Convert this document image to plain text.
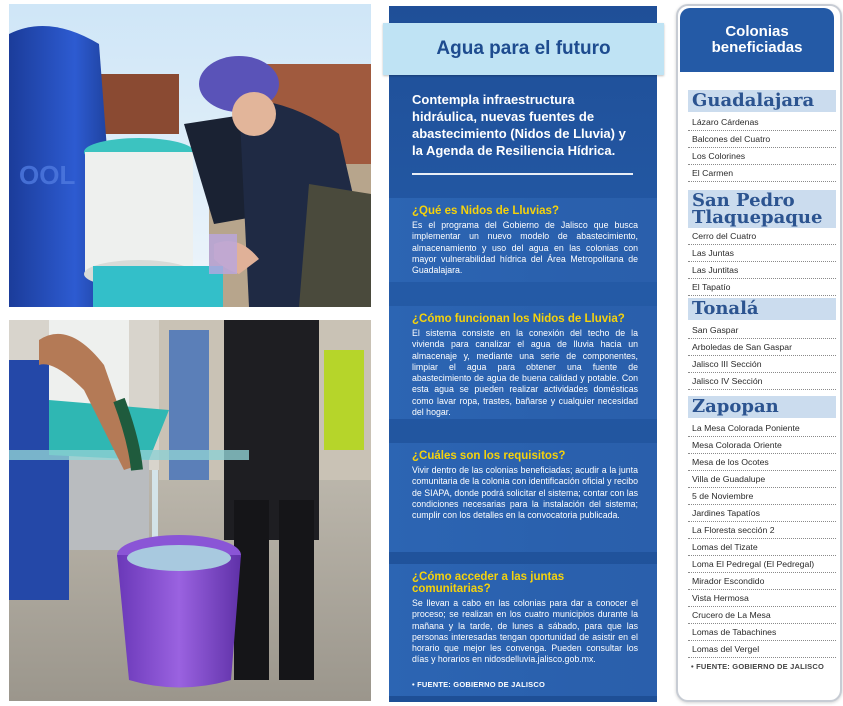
OOL
Agua para el futuro
Contempla infraestructura hidráulica, nuevas fuentes de abastecimiento (Nidos de Lluvia) y la Agenda de Resiliencia Hídrica.
¿Qué es Nidos de Lluvias?
Es el programa del Gobierno de Jalisco que busca implementar un nuevo modelo de abastecimiento, almacenamiento y uso del agua en las colonias con mayor vulnerabilidad hídrica del Área Metropolitana de Guadalajara.
¿Cómo funcionan los Nidos de Lluvia?
El sistema consiste en la conexión del techo de la vivienda para canalizar el agua de lluvia hacia un almacenaje y, mediante una serie de componentes, limpiar el agua para obtener una fuente de abastecimiento de agua de buena calidad y potable. Con esta agua se pueden realizar actividades domésticas como lavar ropa, trastes, bañarse y cualquier necesidad del hogar.
¿Cuáles son los requisitos?
Vivir dentro de las colonias beneficiadas; acudir a la junta comunitaria de la colonia con identificación oficial y recibo de SIAPA, donde podrá solicitar el sistema; contar con las condiciones necesarias para la instalación del sistema; cumplir con los detalles en la convocatoria publicada.
¿Cómo acceder a las juntas comunitarias?
Se llevan a cabo en las colonias para dar a conocer el proceso; se realizan en los cuatro municipios durante la mañana y la tarde, de lunes a sábado, para que las personas interesadas tengan oportunidad de asistir en el horario que mejor les convenga. Pueden consultar los días y horarios en nidosdelluvia.jalisco.gob.mx.
• FUENTE: GOBIERNO DE JALISCO
Colonias beneficiadas
Guadalajara
Lázaro Cárdenas
Balcones del Cuatro
Los Colorines
El Carmen
San Pedro Tlaquepaque
Cerro del Cuatro
Las Juntas
Las Juntitas
El Tapatío
Tonalá
San Gaspar
Arboledas de San Gaspar
Jalisco III Sección
Jalisco IV Sección
Zapopan
La Mesa Colorada Poniente
Mesa Colorada Oriente
Mesa de los Ocotes
Villa de Guadalupe
5 de Noviembre
Jardines Tapatíos
La Floresta sección 2
Lomas del Tizate
Loma El Pedregal (El Pedregal)
Mirador Escondido
Vista Hermosa
Crucero de La Mesa
Lomas de Tabachines
Lomas del Vergel
• FUENTE: GOBIERNO DE JALISCO
